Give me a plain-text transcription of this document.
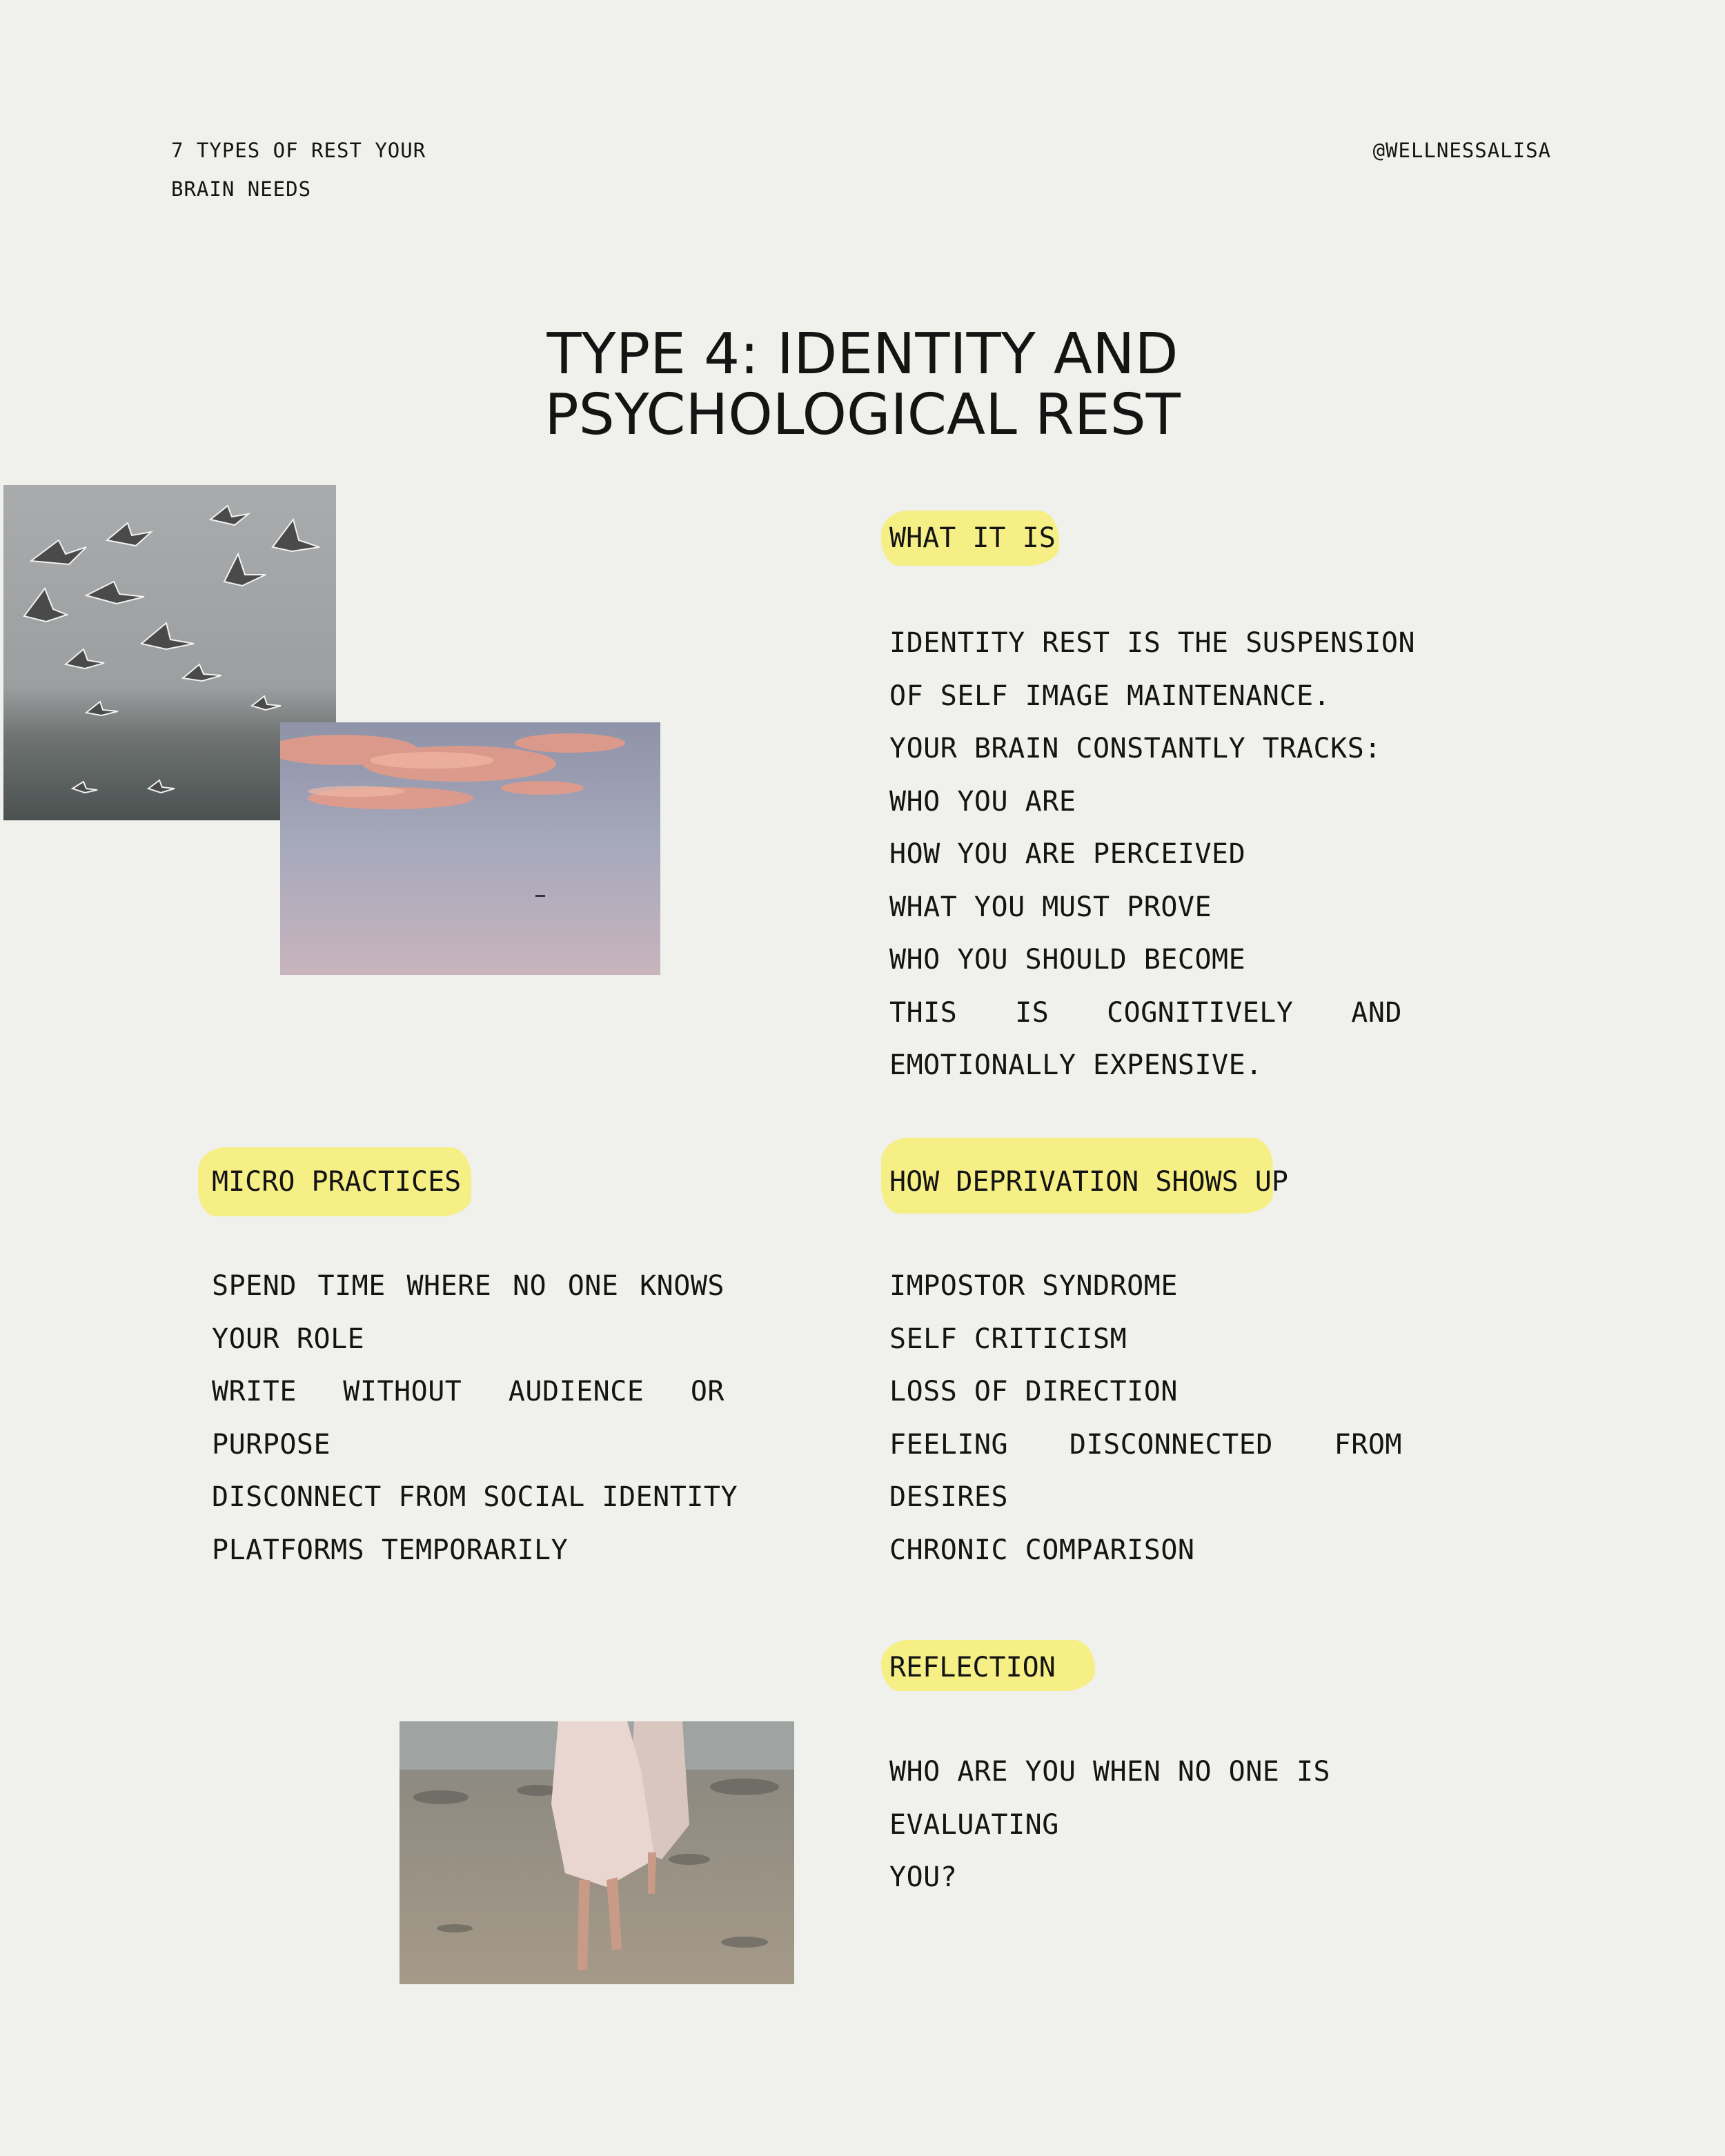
7 TYPES OF REST YOUR
BRAIN NEEDS
@WELLNESSALISA
TYPE 4: IDENTITY AND
PSYCHOLOGICAL REST
WHAT IT IS
IDENTITY REST IS THE SUSPENSION
OF SELF IMAGE MAINTENANCE.
YOUR BRAIN CONSTANTLY TRACKS:
WHO YOU ARE
HOW YOU ARE PERCEIVED
WHAT YOU MUST PROVE
WHO YOU SHOULD BECOME
THIS IS COGNITIVELY AND
EMOTIONALLY EXPENSIVE.
MICRO PRACTICES
SPEND TIME WHERE NO ONE KNOWS
YOUR ROLE
WRITE WITHOUT AUDIENCE OR
PURPOSE
DISCONNECT FROM SOCIAL IDENTITY
PLATFORMS TEMPORARILY
HOW DEPRIVATION SHOWS UP
IMPOSTOR SYNDROME
SELF CRITICISM
LOSS OF DIRECTION
FEELING DISCONNECTED FROM
DESIRES
CHRONIC COMPARISON
REFLECTION
WHO ARE YOU WHEN NO ONE IS EVALUATING
YOU?
